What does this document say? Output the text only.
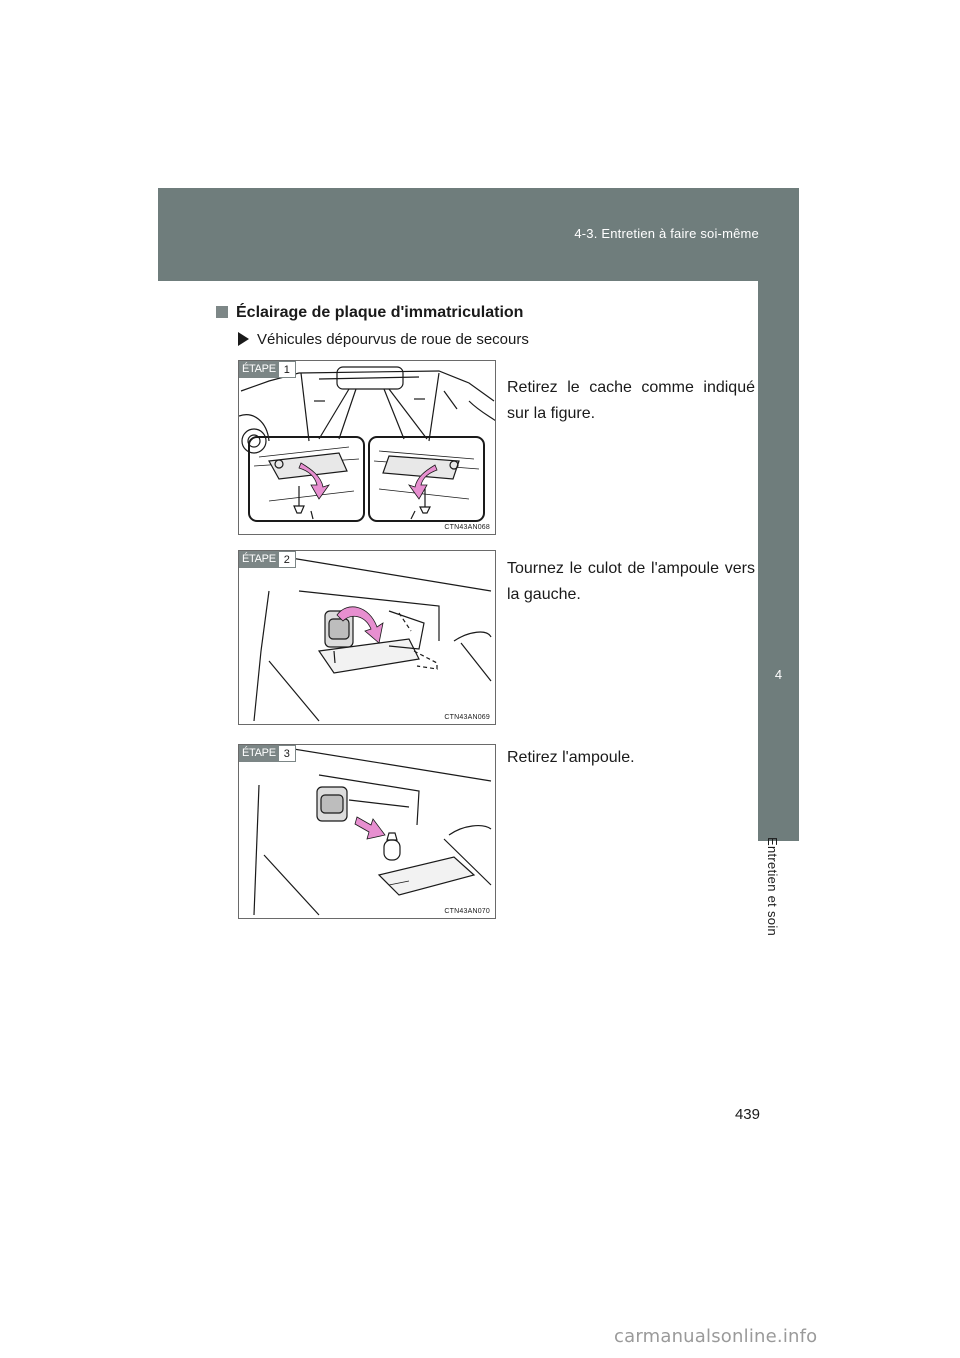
4-3. Entretien à faire soi-même
4
Entretien et soin
Éclairage de plaque d'immatriculation
Véhicules dépourvus de roue de secours
ÉTAPE 1
CTN43AN068
ÉTAPE 2
CTN43AN069
ÉTAPE 3
CTN43AN070
Retirez le cache comme indiqué sur la figure.
Tournez le culot de l'ampoule vers la gauche.
Retirez l'ampoule.
439
carmanualsonline.info
